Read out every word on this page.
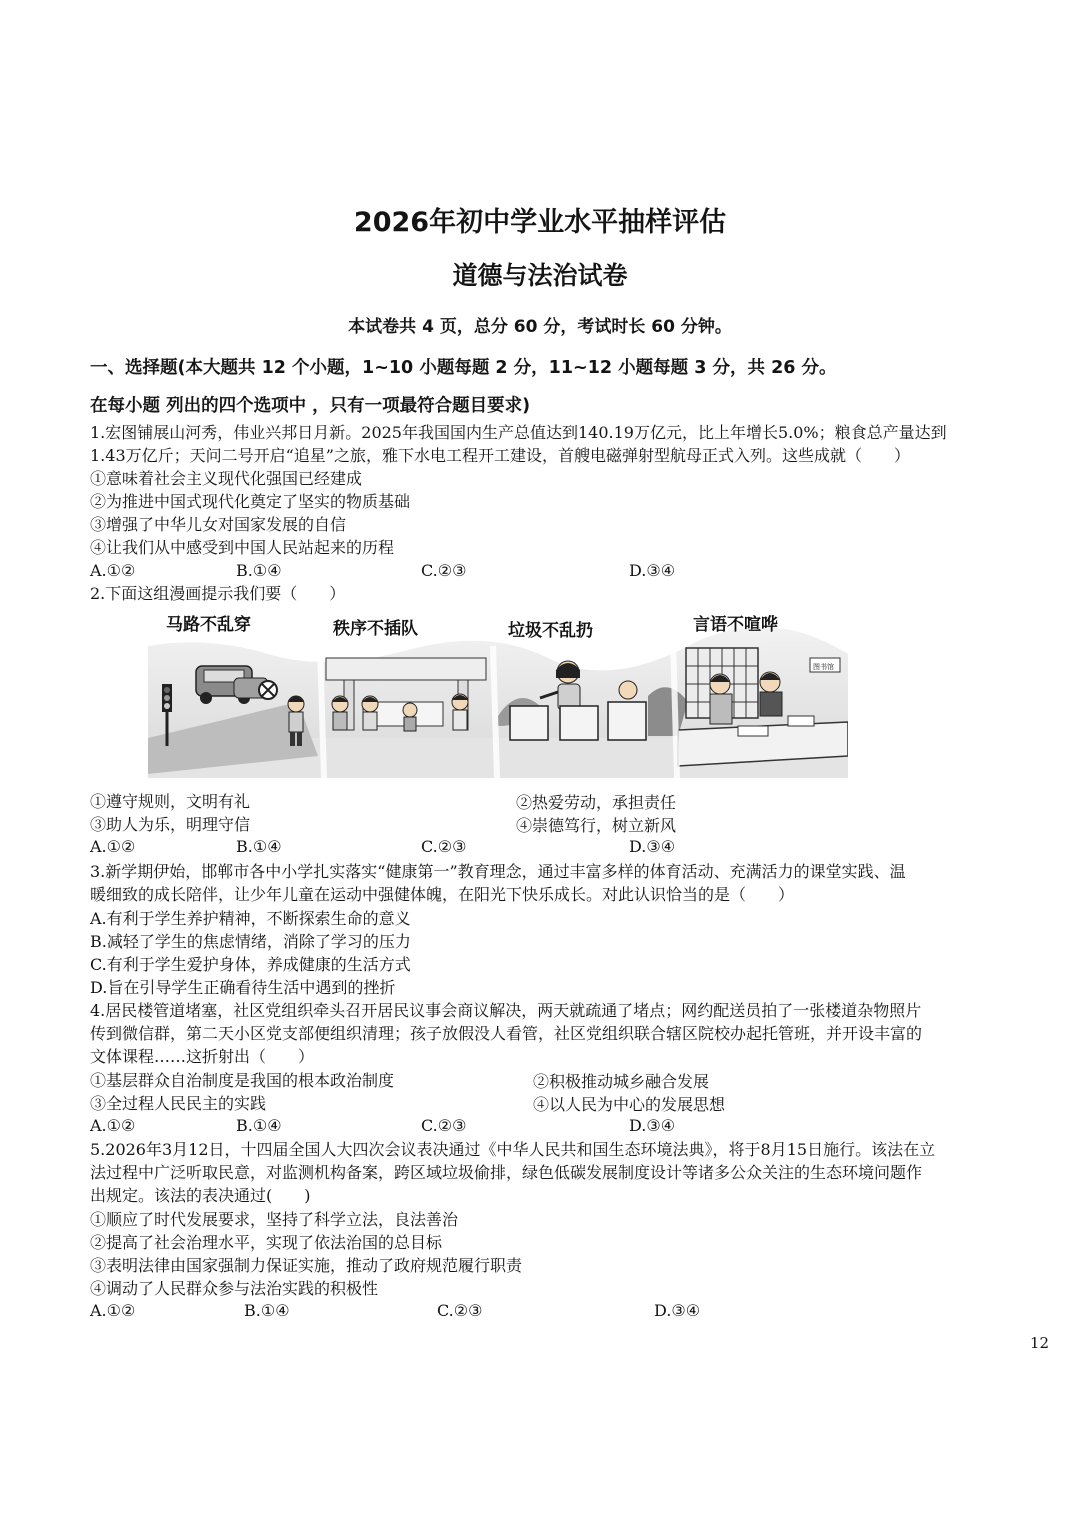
2026年初中学业水平抽样评估
道德与法治试卷
本试卷共 4 页，总分 60 分，考试时长 60 分钟。
一、选择题(本大题共 12 个小题，1~10 小题每题 2 分，11~12 小题每题 3 分，共 26 分。
在每小题 列出的四个选项中 ，只有一项最符合题目要求)
1.宏图铺展山河秀，伟业兴邦日月新。2025年我国国内生产总值达到140.19万亿元，比上年增长5.0%；粮食总产量达到
1.43万亿斤；天问二号开启“追星”之旅，雅下水电工程开工建设，首艘电磁弹射型航母正式入列。这些成就（　　）
①意味着社会主义现代化强国已经建成
②为推进中国式现代化奠定了坚实的物质基础
③增强了中华儿女对国家发展的自信
④让我们从中感受到中国人民站起来的历程
A.①②	B.①④	C.②③	D.③④
2.下面这组漫画提示我们要（　　）
马路不乱穿	秩序不插队	垃圾不乱扔	言语不喧哗
图书馆
①遵守规则，文明有礼	②热爱劳动，承担责任
③助人为乐，明理守信	④崇德笃行，树立新风
A.①②	B.①④	C.②③	D.③④
3.新学期伊始，邯郸市各中小学扎实落实“健康第一”教育理念，通过丰富多样的体育活动、充满活力的课堂实践、温
暖细致的成长陪伴，让少年儿童在运动中强健体魄，在阳光下快乐成长。对此认识恰当的是（　　）
A.有利于学生养护精神，不断探索生命的意义
B.减轻了学生的焦虑情绪，消除了学习的压力
C.有利于学生爱护身体，养成健康的生活方式
D.旨在引导学生正确看待生活中遇到的挫折
4.居民楼管道堵塞，社区党组织牵头召开居民议事会商议解决，两天就疏通了堵点；网约配送员拍了一张楼道杂物照片
传到微信群，第二天小区党支部便组织清理；孩子放假没人看管，社区党组织联合辖区院校办起托管班，并开设丰富的
文体课程……这折射出（　　）
①基层群众自治制度是我国的根本政治制度	②积极推动城乡融合发展
③全过程人民民主的实践	④以人民为中心的发展思想
A.①②	B.①④	C.②③	D.③④
5.2026年3月12日，十四届全国人大四次会议表决通过《中华人民共和国生态环境法典》，将于8月15日施行。该法在立
法过程中广泛听取民意，对监测机构备案，跨区域垃圾偷排，绿色低碳发展制度设计等诸多公众关注的生态环境问题作
出规定。该法的表决通过(　　)
①顺应了时代发展要求，坚持了科学立法，良法善治
②提高了社会治理水平，实现了依法治国的总目标
③表明法律由国家强制力保证实施，推动了政府规范履行职责
④调动了人民群众参与法治实践的积极性
A.①②	B.①④	C.②③	D.③④
12
